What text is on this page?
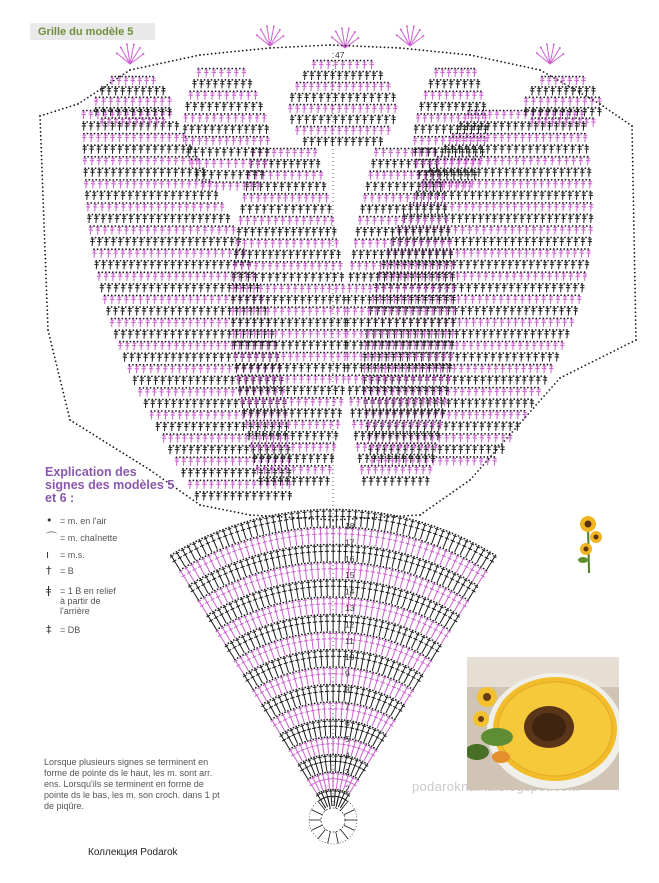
18
17
16
15
14
13
12
11
10
9
8
7
6
5
4
3
2
47
Grille du modèle 5
Explication des signes des modèles 5 et 6 :
• = m. en l'air
⌒ = m. chaînette
ı	= m.s.
† = B
ǂ = 1 B en relief à partir de l'arrière
‡ = DB
Lorsque plusieurs signes se terminent en forme de pointe ds le haut, les m. sont arr. ens. Lorsqu'ils se terminent en forme de pointe ds le bas, les m. son croch. dans 1 pt de piqûre.
Коллекция Podarok
